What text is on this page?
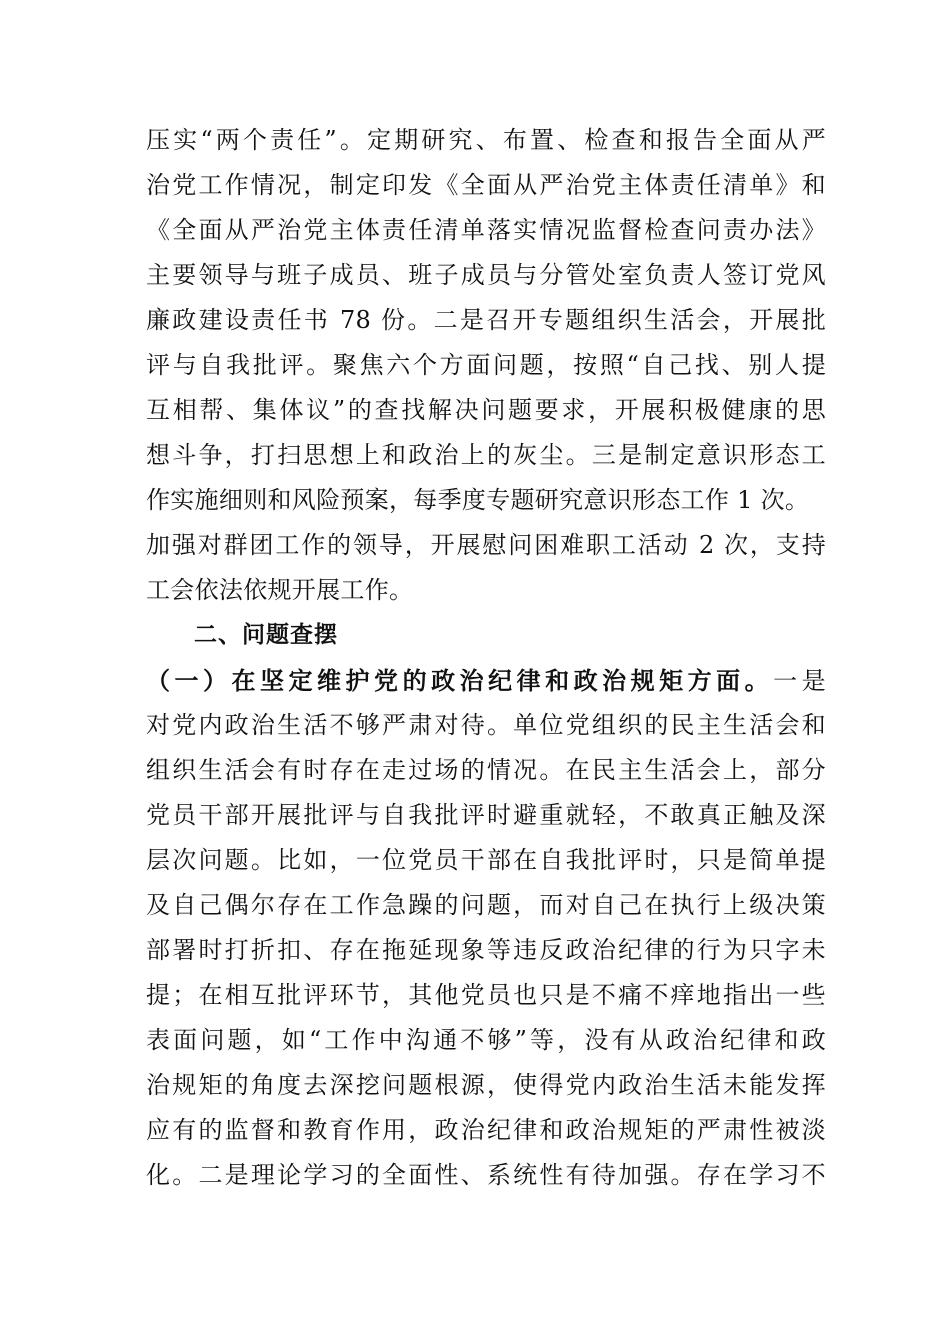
压实“两个责任”。定期研究、布置、检查和报告全面从严
治党工作情况，制定印发《全面从严治党主体责任清单》和
《全面从严治党主体责任清单落实情况监督检查问责办法》
主要领导与班子成员、班子成员与分管处室负责人签订党风
廉政建设责任书 78 份。二是召开专题组织生活会，开展批
评与自我批评。聚焦六个方面问题，按照“自己找、别人提
互相帮、集体议”的查找解决问题要求，开展积极健康的思
想斗争，打扫思想上和政治上的灰尘。三是制定意识形态工
作实施细则和风险预案，每季度专题研究意识形态工作 1 次。
加强对群团工作的领导，开展慰问困难职工活动 2 次，支持
工会依法依规开展工作。
二、问题查摆
（一）在坚定维护党的政治纪律和政治规矩方面。一是
对党内政治生活不够严肃对待。单位党组织的民主生活会和
组织生活会有时存在走过场的情况。在民主生活会上，部分
党员干部开展批评与自我批评时避重就轻，不敢真正触及深
层次问题。比如，一位党员干部在自我批评时，只是简单提
及自己偶尔存在工作急躁的问题，而对自己在执行上级决策
部署时打折扣、存在拖延现象等违反政治纪律的行为只字未
提；在相互批评环节，其他党员也只是不痛不痒地指出一些
表面问题，如“工作中沟通不够”等，没有从政治纪律和政
治规矩的角度去深挖问题根源，使得党内政治生活未能发挥
应有的监督和教育作用，政治纪律和政治规矩的严肃性被淡
化。二是理论学习的全面性、系统性有待加强。存在学习不
